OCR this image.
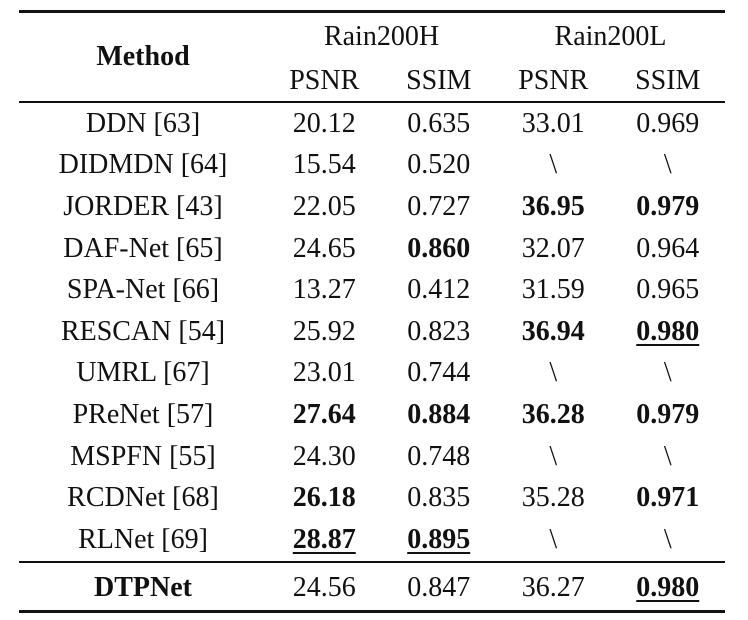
Method	Rain200H		Rain200L	
	PSNR	SSIM	PSNR	SSIM
DDN [63]	20.12	0.635	33.01	0.969
DIDMDN [64]	15.54	0.520	\	\
JORDER [43]	22.05	0.727	36.95	0.979
DAF-Net [65]	24.65	0.860	32.07	0.964
SPA-Net [66]	13.27	0.412	31.59	0.965
RESCAN [54]	25.92	0.823	36.94	0.980
UMRL [67]	23.01	0.744	\	\
PReNet [57]	27.64	0.884	36.28	0.979
MSPFN [55]	24.30	0.748	\	\
RCDNet [68]	26.18	0.835	35.28	0.971
RLNet [69]	28.87	0.895	\	\
DTPNet	24.56	0.847	36.27	0.980
